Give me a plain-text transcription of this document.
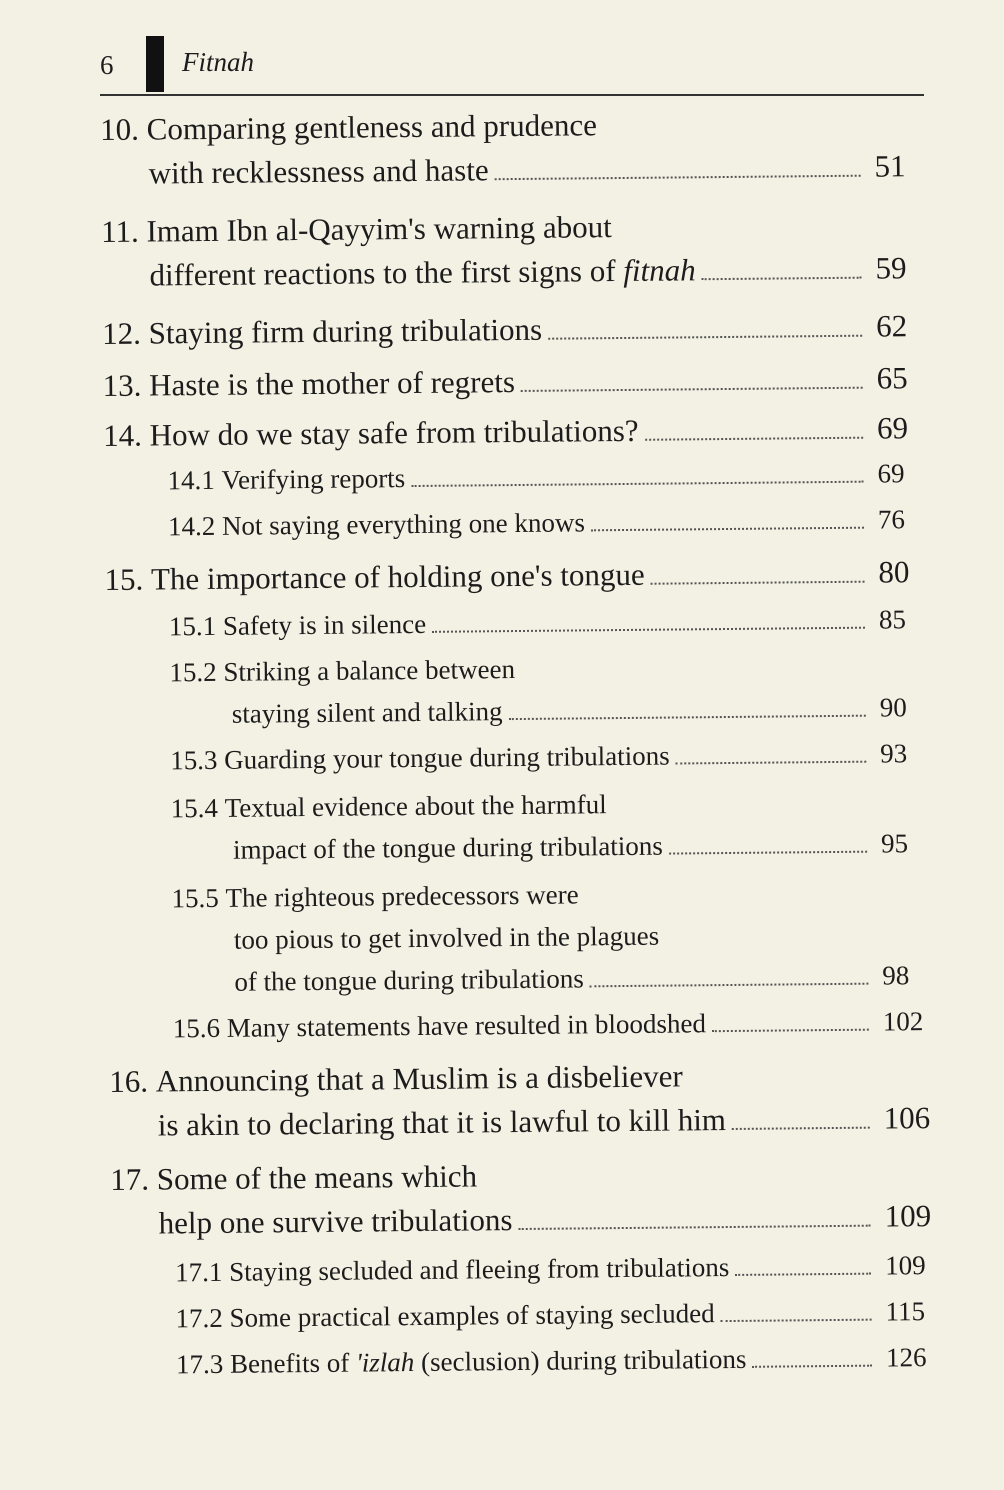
6	Fitnah
10. Comparing gentleness and prudence
with recklessness and haste	51
11. Imam Ibn al-Qayyim's warning about
different reactions to the first signs of fitnah	59
12. Staying firm during tribulations	62
13. Haste is the mother of regrets	65
14. How do we stay safe from tribulations?	69
14.1 Verifying reports	69
14.2 Not saying everything one knows	76
15. The importance of holding one's tongue	80
15.1 Safety is in silence	85
15.2 Striking a balance between
staying silent and talking	90
15.3 Guarding your tongue during tribulations	93
15.4 Textual evidence about the harmful
impact of the tongue during tribulations	95
15.5 The righteous predecessors were
too pious to get involved in the plagues
of the tongue during tribulations	98
15.6 Many statements have resulted in bloodshed	102
16. Announcing that a Muslim is a disbeliever
is akin to declaring that it is lawful to kill him	106
17. Some of the means which
help one survive tribulations	109
17.1 Staying secluded and fleeing from tribulations	109
17.2 Some practical examples of staying secluded	115
17.3 Benefits of 'izlah (seclusion) during tribulations	126
